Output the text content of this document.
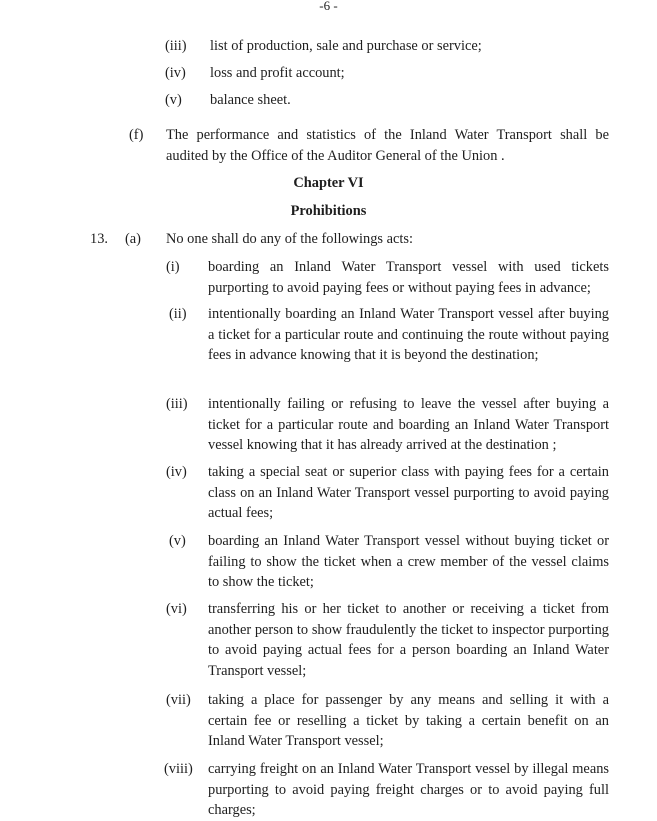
-6 -
(iii) list of production, sale and purchase or service;
(iv) loss and profit account;
(v) balance sheet.
(f) The performance and statistics of the Inland Water Transport shall be audited by the Office of the Auditor General of the Union .
Chapter VI
Prohibitions
13. (a) No one shall do any of the followings acts:
(i) boarding an Inland Water Transport vessel with used tickets purporting to avoid paying fees or without paying fees in advance;
(ii) intentionally boarding an Inland Water Transport vessel after buying a ticket for a particular route and continuing the route without paying fees in advance knowing that it is beyond the destination;
(iii) intentionally failing or refusing to leave the vessel after buying a ticket for a particular route and boarding an Inland Water Transport vessel knowing that it has already arrived at the destination ;
(iv) taking a special seat or superior class with paying fees for a certain class on an Inland Water Transport vessel purporting to avoid paying actual fees;
(v) boarding an Inland Water Transport vessel without buying ticket or failing to show the ticket when a crew member of the vessel claims to show the ticket;
(vi) transferring his or her ticket to another or receiving a ticket from another person to show fraudulently the ticket to inspector purporting to avoid paying actual fees for a person boarding an Inland Water Transport vessel;
(vii) taking a place for passenger by any means and selling it with a certain fee or reselling a ticket by taking a certain benefit on an Inland Water Transport vessel;
(viii) carrying freight on an Inland Water Transport vessel by illegal means purporting to avoid paying freight charges or to avoid paying full charges;
